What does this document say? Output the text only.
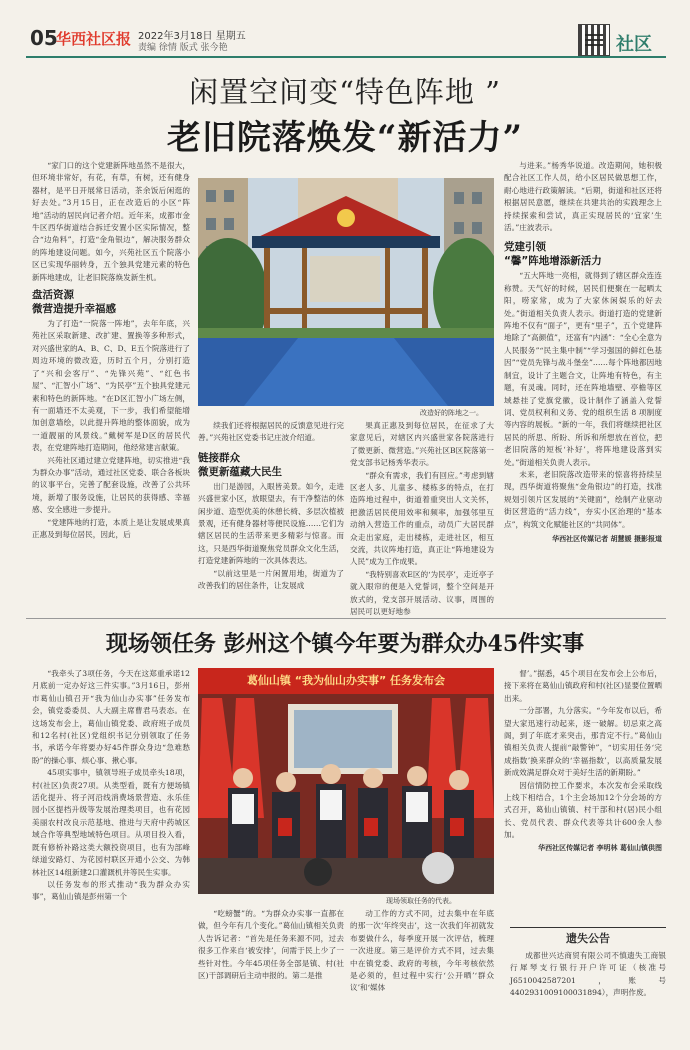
05
华西社区报 2022年3月18日 星期五
责编 徐情 版式 张今艳	社区
闲置空间变“特色阵地 ”
老旧院落焕发“新活力”

“家门口的这个党建新阵地虽然不是很大，但环境非常好，有花，有草，有树，还有健身器材，是平日开展常日活动，茶余饭后闲逛的好去处。”3月15日，正在改造后的小区“阵地”活动的居民向记者介绍。近年来，成都市金牛区西华街道结合拆迁安置小区实际情况，整合“边角料”，打造“金角银边”，解决服务群众的阵地建设问题。如今，兴苑社区五个院落小区已实现华丽转身，五个独具党建元素的特色新阵地建成，让老旧院落焕发新生机。

盘活资源
微营造提升幸福感

为了打造“一院落一阵地”，去年年底，兴苑社区采取新建、改扩建、置换等多种形式，对兴盛世家的A、B、C、D、E五个院落进行了周边环境的微改造，历时五个月，分别打造了“兴和会客厅”、“先锋兴苑”、“红色书屋”、“汇智小广场”、“为民亭”五个独具党建元素和特色的新阵地。“在D区汇智小广场左侧，有一面墙还不太美观，下一步，我们希望能增加创意墙绘，以此提升阵地的整体面貌，成为一道靓丽的风景线。”戴树军是D区的居民代表，在党建阵地打造期间，他经常建言献策。

兴苑社区通过建立党建阵地，切实推进“我为群众办事”活动，通过社区党委、联合各板块的议事平台，完善了配套设施，改善了公共环境，新增了服务设施，让居民的获得感、幸福感、安全感进一步提升。

“党建阵地的打造，本质上是让发展成果真正惠及到每位居民，因此，后

改造好的阵地之一。

续我们还将根据居民的反馈意见进行完善。”兴苑社区党委书记庄波介绍道。

链接群众
微更新蕴藏大民生

出门是游园，入眼皆美景。如今，走进兴盛世家小区，放眼望去，有干净整洁的休闲步道、造型优美的休憩长椅、多层次植被景观，还有健身器材等便民设施……它们为辖区居民的生活带来更多精彩与惊喜。而这，只是西华街道聚焦党员群众文化生活，打造党建新阵地的一次具体表达。

“以前这里是一片闲置用地，街道为了改善我们的居住条件，让发展成

果真正惠及到每位居民，在征求了大家意见后，对辖区内兴盛世家各院落进行了微更新、微营造。”兴苑社区B区院落第一党支部书记杨秀华表示。

“群众有需求，我们有回应。”考虑到辖区老人多、儿童多、楼栋多的特点，在打造阵地过程中，街道着重突出人文关怀，把激活居民使用效率和频率，加强邻里互动纳入营造工作的重点，动员广大居民群众走出家庭，走出楼栋，走进社区，相互交流，共议阵地打造，真正让“阵地建设为人民”成为工作成果。

“我特别喜欢E区的‘为民亭’，走近亭子就入眼帘的便是入党誓词，整个空间是开放式的，党支部开展活动、议事，周围的居民可以更好地参

与进来。”杨秀华说道。改造期间，她积极配合社区工作人员，给小区居民做思想工作，耐心地进行政策解读。“后期，街道和社区还将根据居民意愿，继续在共建共治的实践理念上持续探索和尝试，真正实现居民的‘宜家’生活。”庄波表示。

党建引领
“馨”阵地增添新活力

“五大阵地一亮相，就得到了辖区群众连连称赞。天气好的时候，居民们便聚在一起晒太阳，唠家常，成为了大家休闲娱乐的好去处。”街道相关负责人表示。街道打造的党建新阵地不仅有“面子”，更有“里子”，五个党建阵地除了“高颜值”，还富有“内涵”：“全心全意为人民服务”“民主集中制”“学习强国的鲜红色基因”“党员先锋与战斗堡垒”……每个阵地都因地制宜，设计了主题合文，让阵地有特色，有主题，有灵魂。同时，还在阵地墙壁、亭檐等区域悬挂了党旗党徽，设计制作了涵盖入党誓词、党员权利和义务、党的组织生活 8 项制度等内容的展板。“新的一年，我们将继续把社区居民的所思、所盼、所诉和所想放在首位，把老旧院落的短板‘补好’，将阵地建设落到实处。”街道相关负责人表示。

未来，老旧院落改造带来的惊喜将持续呈现，西华街道将聚焦“金角银边”的打造，找准规划引领片区发展的“关键面”，绘制产业驱动街区营造的“活力线”，夯实小区治理的“基本点”，构筑文化赋能社区的“共同体”。

华西社区传媒记者 胡慧媛 摄影报道
现场领任务 彭州这个镇今年要为群众办45件实事

“我牵头了3项任务，今天在这郑重承诺12月底前一定办好这三件实事。”3月16日，彭州市葛仙山镇召开“我为仙山办实事”任务发布会，镇党委委员、人大副主席曹君马表态。在这场发布会上，葛仙山镇党委、政府班子成员和12名村(社区)党组织书记分别领取了任务书，承诺今年将要办好45件群众身边“急难愁盼”的操心事、烦心事、揪心事。

45项实事中，镇领导班子成员牵头18项，村(社区)负责27项。从类型看，既有方便场镇活化提升、将子河沿线消费场景营造、永乐佳园小区提档升级等发展治理类项目，也有花园美丽农村改良示范基地、推进与天府中药城区域合作等典型地域特色项目。从项目投入看，既有修桥补路这类大额投资项目，也有为部峰绿道安路灯、为花园村联区开通小公交、为韩林社区14组新建2口灌溉机井等民生实事。

以任务发布的形式推动“我为群众办实事”，葛仙山镇是彭州第一个

葛仙山镇 “我为仙山办实事” 任务发布会
现场领取任务的代表。

“吃螃蟹”的。“为群众办实事一直都在做，但今年有几个变化。”葛仙山镇相关负责人告诉记者：“首先是任务来源不同，过去很多工作来自‘被安排’，问需于民上少了一些针对性。今年45项任务全部是镇、村(社区)干部调研后主动申报的。第二是推

动工作的方式不同，过去集中在年底的那一次‘年终突击’，这一次我们年初就发布要做什么，每季度开展一次评估，梳理一次进度。第三是评价方式不同，过去集中在镇党委、政府的考核，今年考核依然是必须的，但过程中实行‘公开晒’‘群众议’和‘媒体

督’。”据悉，45个项目在发布会上公布后，接下来将在葛仙山镇政府和村(社区)显要位置晒出来。

一分部署，九分落实。“今年发布以后，希望大家迅速行动起来，逐一破解。切忌束之高阁，到了年底才来突击，那肯定不行。”葛仙山镇相关负责人提前“敲警钟”，“切实用任务‘完成指数’换来群众的‘幸福指数’，以高质量发展新成效满足群众对于美好生活的新期盼。”

因信情防控工作要求，本次发布会采取线上线下相结合，1个主会场加12个分会场的方式召开，葛仙山镇镇、村干部和村(居)民小组长、党员代表、群众代表等共计600余人参加。

华西社区传媒记者 李明林 葛仙山镇供图
遗失公告

成都世兴达商贸有限公司不慎遗失工商银行犀琴支行银行开户许可证（核准号 J6510042587201，账号 4402931009100031894），声明作废。
